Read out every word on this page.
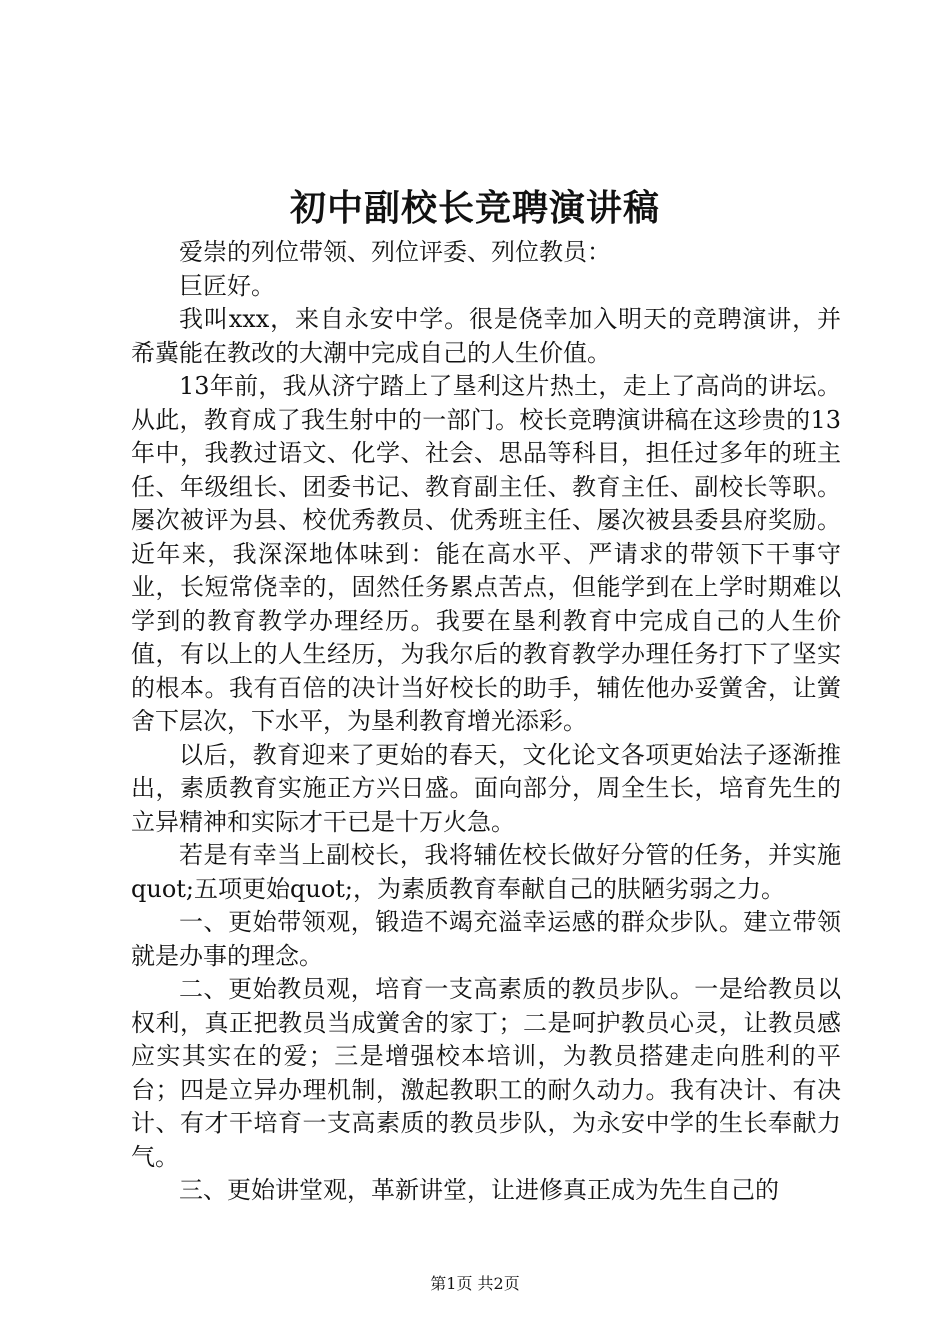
初中副校长竞聘演讲稿

爱崇的列位带领、列位评委、列位教员：

巨匠好。

我叫xxx，来自永安中学。很是侥幸加入明天的竞聘演讲，并希冀能在教改的大潮中完成自己的人生价值。

13年前，我从济宁踏上了垦利这片热土，走上了高尚的讲坛。从此，教育成了我生射中的一部门。校长竞聘演讲稿在这珍贵的13年中，我教过语文、化学、社会、思品等科目，担任过多年的班主任、年级组长、团委书记、教育副主任、教育主任、副校长等职。屡次被评为县、校优秀教员、优秀班主任、屡次被县委县府奖励。近年来，我深深地体味到：能在高水平、严请求的带领下干事守业，长短常侥幸的，固然任务累点苦点，但能学到在上学时期难以学到的教育教学办理经历。我要在垦利教育中完成自己的人生价值，有以上的人生经历，为我尔后的教育教学办理任务打下了坚实的根本。我有百倍的决计当好校长的助手，辅佐他办妥黉舍，让黉舍下层次，下水平，为垦利教育增光添彩。

以后，教育迎来了更始的春天，文化论文各项更始法子逐渐推出，素质教育实施正方兴日盛。面向部分，周全生长，培育先生的立异精神和实际才干已是十万火急。

若是有幸当上副校长，我将辅佐校长做好分管的任务，并实施quot;五项更始quot;，为素质教育奉献自己的肤陋劣弱之力。

一、更始带领观，锻造不竭充溢幸运感的群众步队。建立带领就是办事的理念。

二、更始教员观，培育一支高素质的教员步队。一是给教员以权利，真正把教员当成黉舍的家丁；二是呵护教员心灵，让教员感应实其实在的爱；三是增强校本培训，为教员搭建走向胜利的平台；四是立异办理机制，激起教职工的耐久动力。我有决计、有决计、有才干培育一支高素质的教员步队，为永安中学的生长奉献力气。

三、更始讲堂观，革新讲堂，让进修真正成为先生自己的

第1页 共2页
